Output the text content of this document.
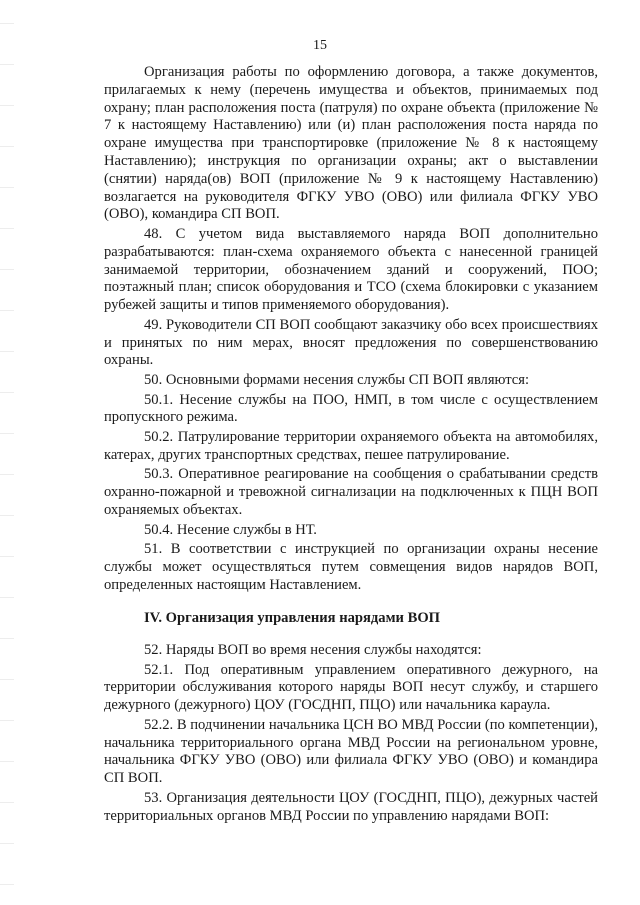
15

Организация работы по оформлению договора, а также документов, прилагаемых к нему (перечень имущества и объектов, принимаемых под охрану; план расположения поста (патруля) по охране объекта (приложение № 7 к настоящему Наставлению) или (и) план расположения поста наряда по охране имущества при транспортировке (приложение № 8 к настоящему Наставлению); инструкция по организации охраны; акт о выставлении (снятии) наряда(ов) ВОП (приложение № 9 к настоящему Наставлению) возлагается на руководителя ФГКУ УВО (ОВО) или филиала ФГКУ УВО (ОВО), командира СП ВОП.

48. С учетом вида выставляемого наряда ВОП дополнительно разрабатываются: план-схема охраняемого объекта с нанесенной границей занимаемой территории, обозначением зданий и сооружений, ПОО; поэтажный план; список оборудования и ТСО (схема блокировки с указанием рубежей защиты и типов применяемого оборудования).

49. Руководители СП ВОП сообщают заказчику обо всех происшествиях и принятых по ним мерах, вносят предложения по совершенствованию охраны.

50. Основными формами несения службы СП ВОП являются:

50.1. Несение службы на ПОО, НМП, в том числе с осуществлением пропускного режима.

50.2. Патрулирование территории охраняемого объекта на автомобилях, катерах, других транспортных средствах, пешее патрулирование.

50.3. Оперативное реагирование на сообщения о срабатывании средств охранно-пожарной и тревожной сигнализации на подключенных к ПЦН ВОП охраняемых объектах.

50.4. Несение службы в НТ.

51. В соответствии с инструкцией по организации охраны несение службы может осуществляться путем совмещения видов нарядов ВОП, определенных настоящим Наставлением.

IV. Организация управления нарядами ВОП

52. Наряды ВОП во время несения службы находятся:

52.1. Под оперативным управлением оперативного дежурного, на территории обслуживания которого наряды ВОП несут службу, и старшего дежурного (дежурного) ЦОУ (ГОСДНП, ПЦО) или начальника караула.

52.2. В подчинении начальника ЦСН ВО МВД России (по компетенции), начальника территориального органа МВД России на региональном уровне, начальника ФГКУ УВО (ОВО) или филиала ФГКУ УВО (ОВО) и командира СП ВОП.

53. Организация деятельности ЦОУ (ГОСДНП, ПЦО), дежурных частей территориальных органов МВД России по управлению нарядами ВОП:
